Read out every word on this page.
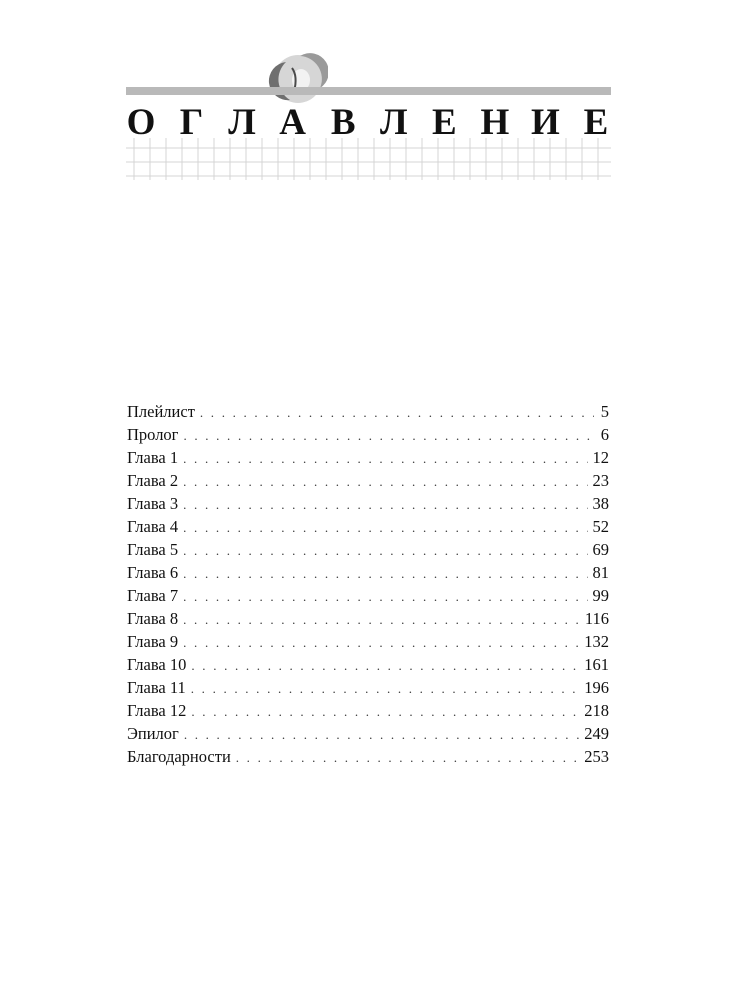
О Г Л А В Л Е Н И Е
Плейлист . . .	5
Пролог . . .	6
Глава 1 . . .	12
Глава 2 . . .	23
Глава 3 . . .	38
Глава 4 . . .	52
Глава 5 . . .	69
Глава 6 . . .	81
Глава 7 . . .	99
Глава 8 . . .	116
Глава 9 . . .	132
Глава 10 . . .	161
Глава 11 . . .	196
Глава 12 . . .	218
Эпилог . . .	249
Благодарности . . .	253
